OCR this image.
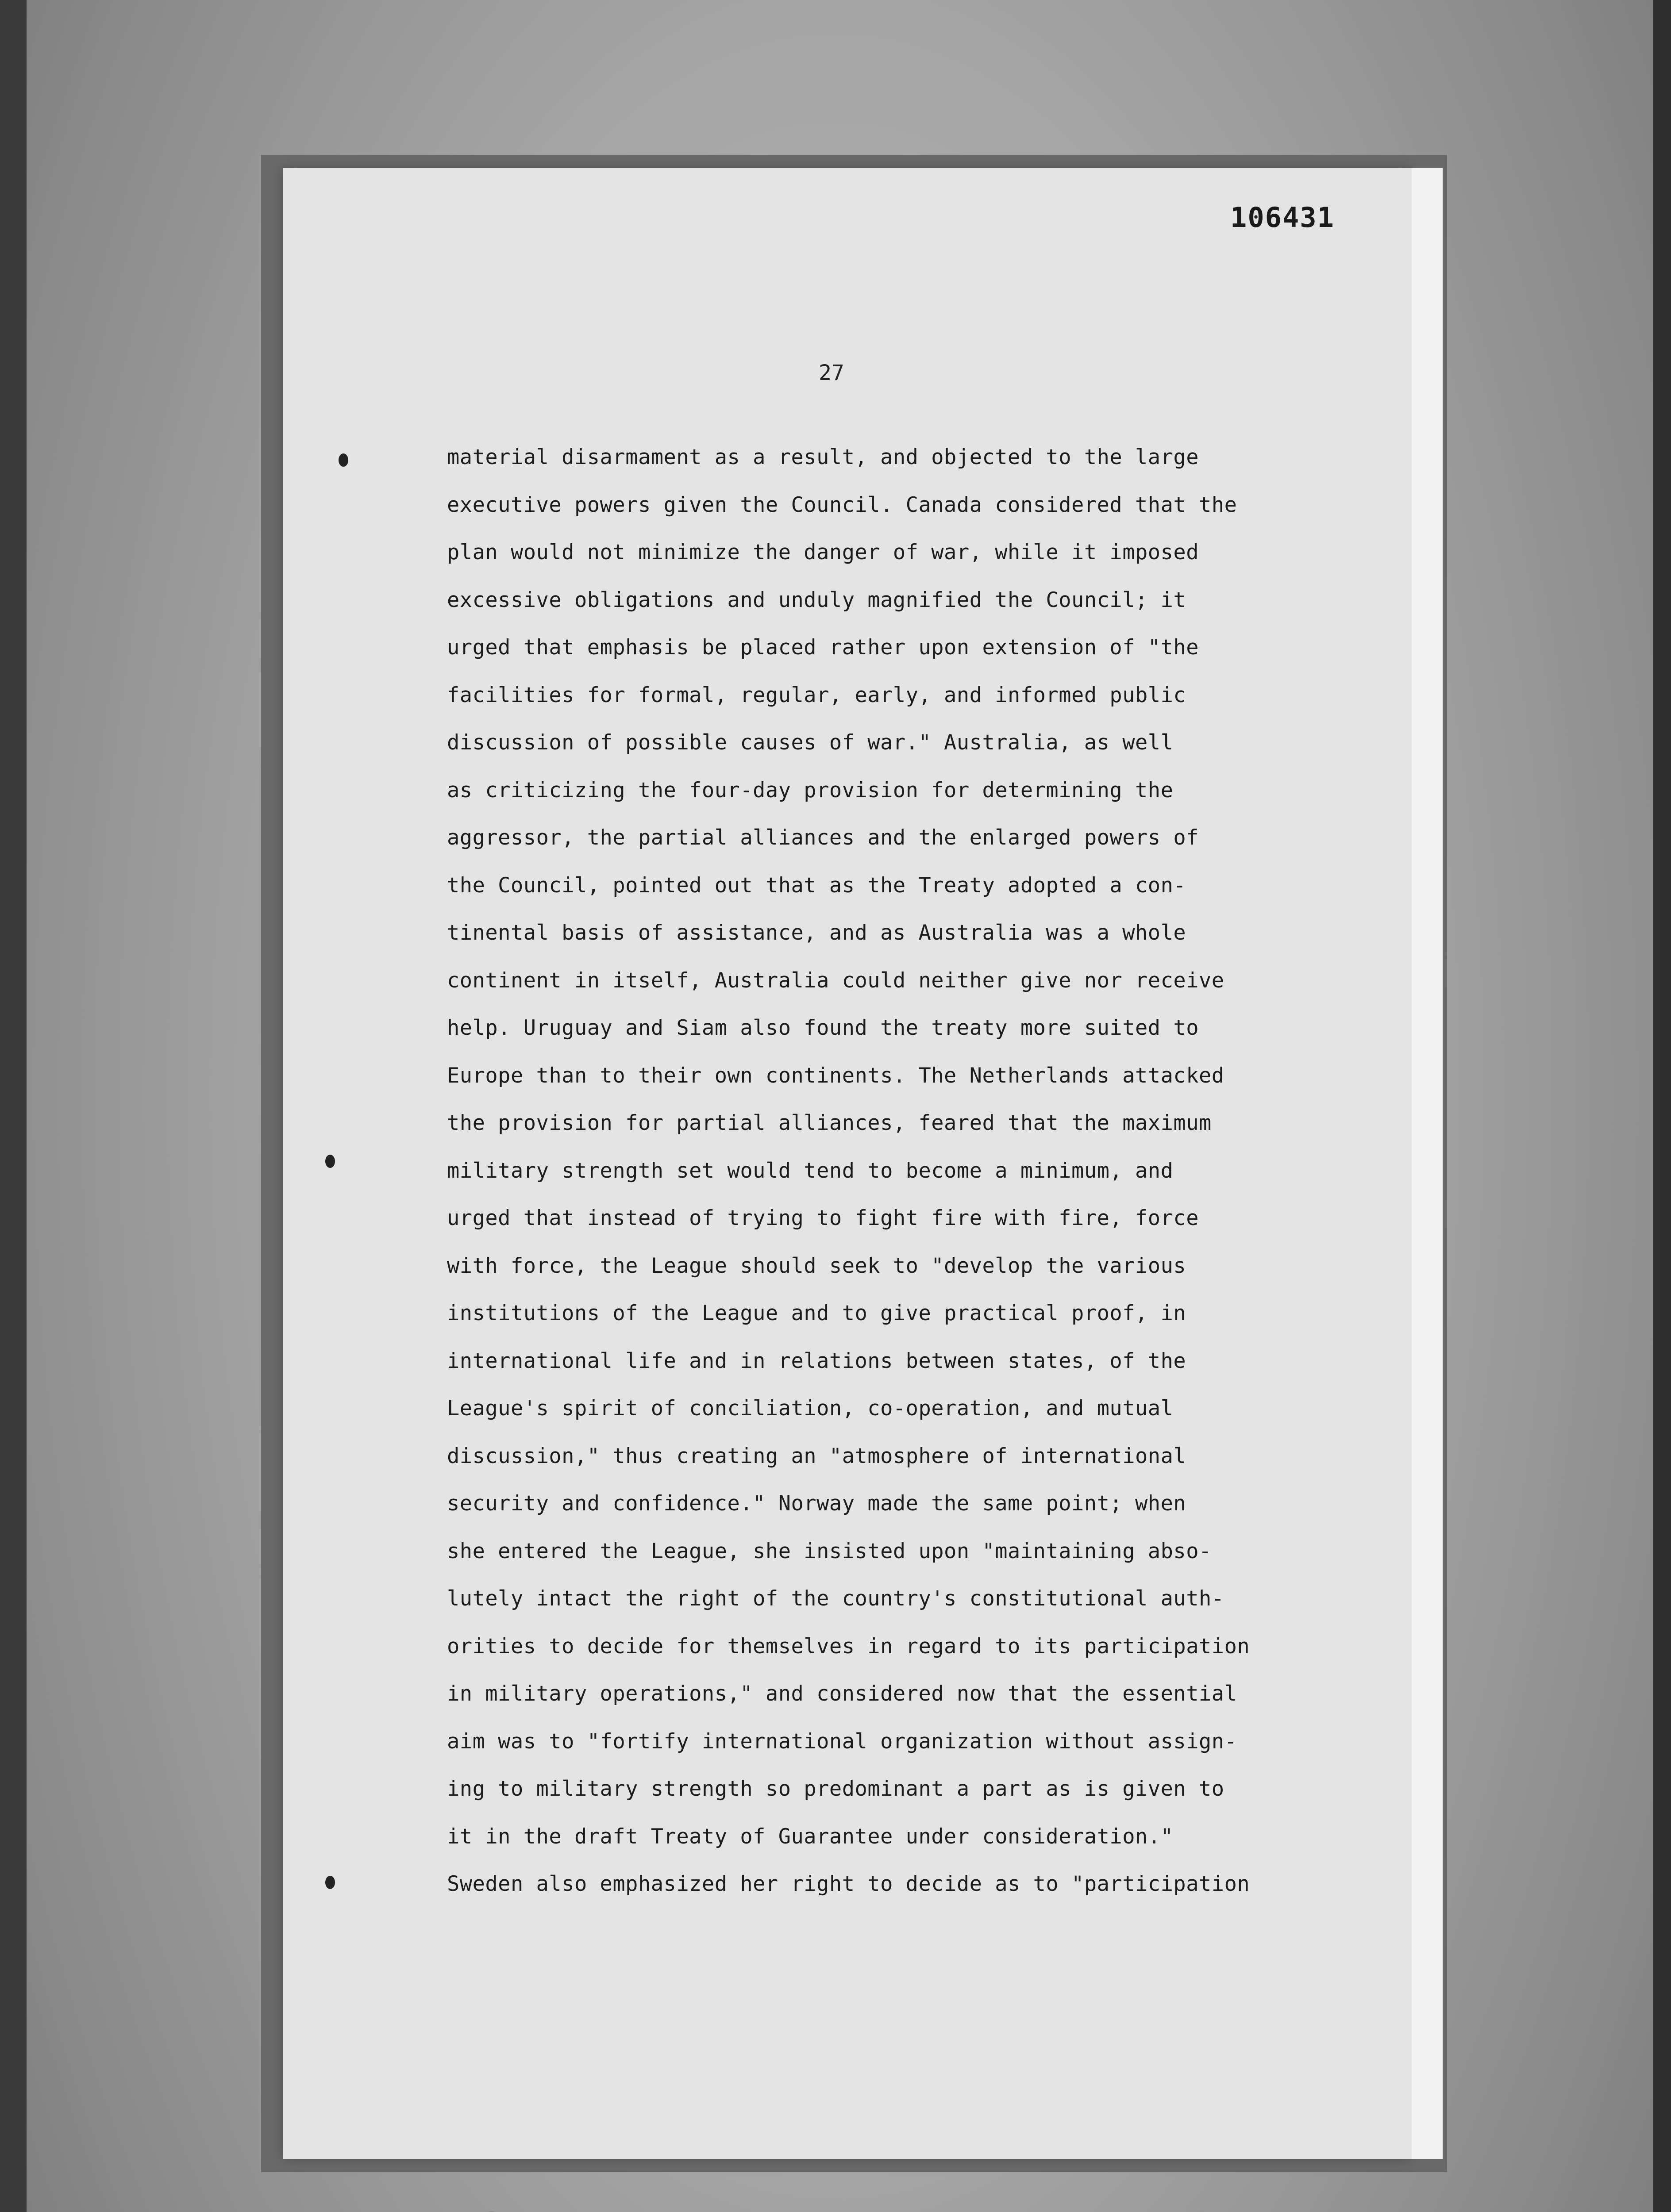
106431
27
material disarmament as a result, and objected to the large
executive powers given the Council. Canada considered that the
plan would not minimize the danger of war, while it imposed
excessive obligations and unduly magnified the Council; it
urged that emphasis be placed rather upon extension of "the
facilities for formal, regular, early, and informed public
discussion of possible causes of war." Australia, as well
as criticizing the four-day provision for determining the
aggressor, the partial alliances and the enlarged powers of
the Council, pointed out that as the Treaty adopted a con-
tinental basis of assistance, and as Australia was a whole
continent in itself, Australia could neither give nor receive
help. Uruguay and Siam also found the treaty more suited to
Europe than to their own continents. The Netherlands attacked
the provision for partial alliances, feared that the maximum
military strength set would tend to become a minimum, and
urged that instead of trying to fight fire with fire, force
with force, the League should seek to "develop the various
institutions of the League and to give practical proof, in
international life and in relations between states, of the
League's spirit of conciliation, co-operation, and mutual
discussion," thus creating an "atmosphere of international
security and confidence." Norway made the same point; when
she entered the League, she insisted upon "maintaining abso-
lutely intact the right of the country's constitutional auth-
orities to decide for themselves in regard to its participation
in military operations," and considered now that the essential
aim was to "fortify international organization without assign-
ing to military strength so predominant a part as is given to
it in the draft Treaty of Guarantee under consideration."
Sweden also emphasized her right to decide as to "participation
